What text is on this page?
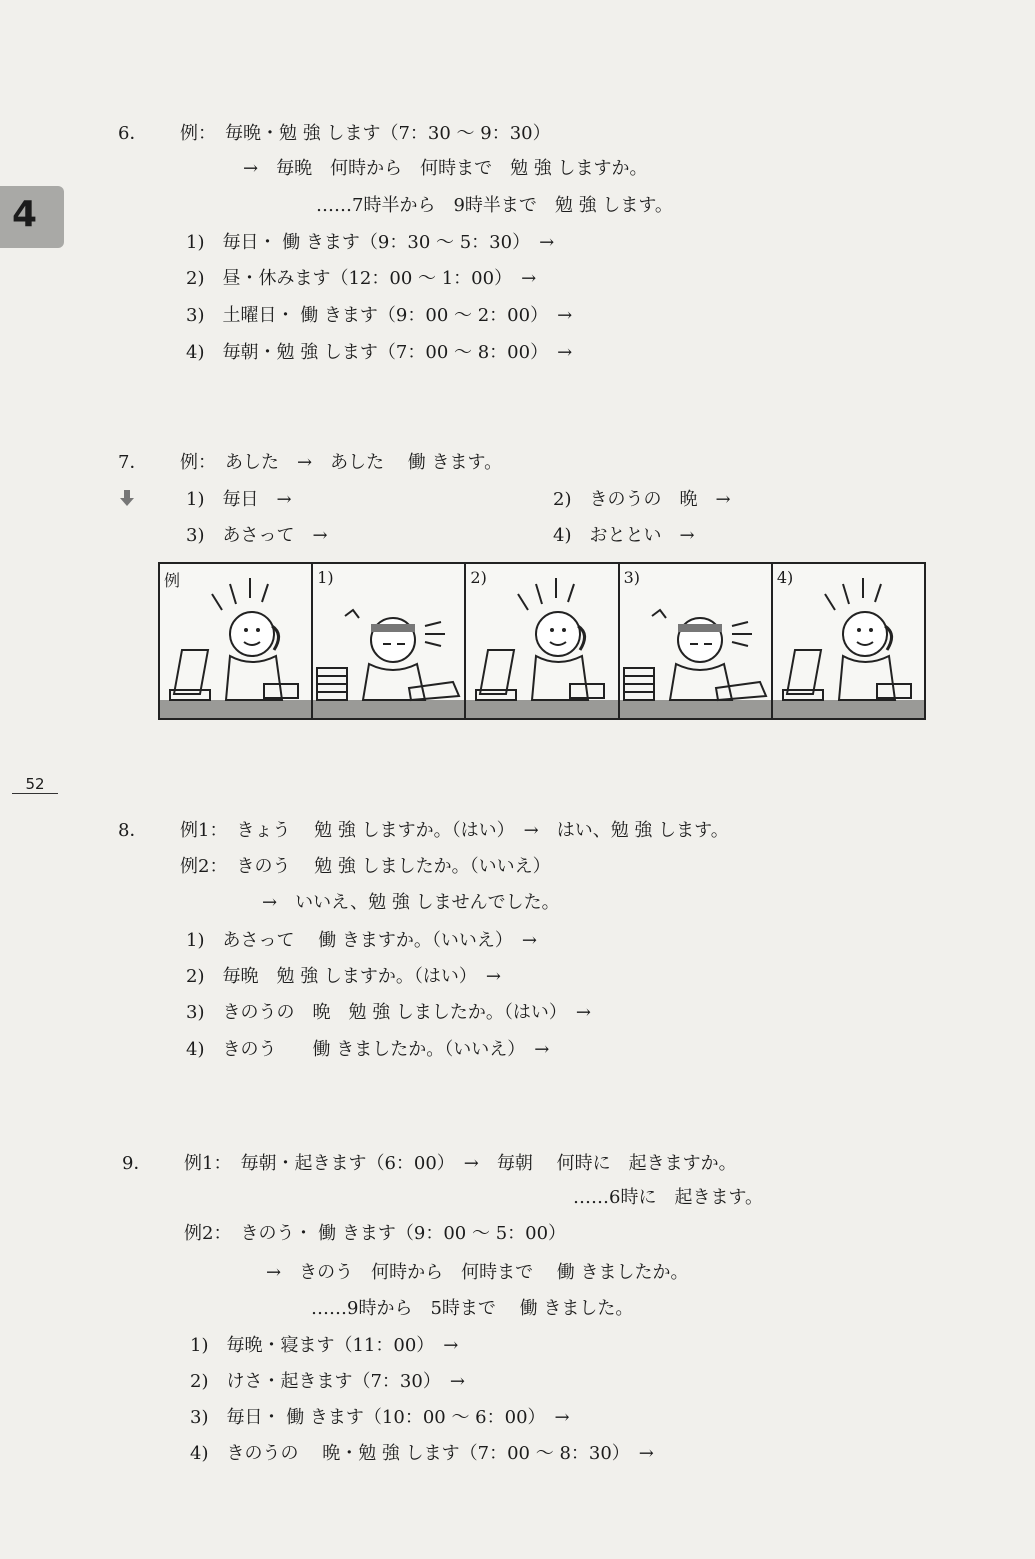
4
52
6． 例：　毎晩・勉 強 します（7：30 〜 9：30）
→　毎晩　何時から　何時まで　勉 強 しますか。
……7時半から　9時半まで　勉 強 します。
1)　毎日・ 働 きます（9：30 〜 5：30）　→
2)　昼・休みます（12：00 〜 1：00）　→
3)　土曜日・ 働 きます（9：00 〜 2：00）　→
4)　毎朝・勉 強 します（7：00 〜 8：00）　→
7． 例：　あした　→　あした　 働 きます。
1)　毎日　→	2)　きのうの　晩　→
3)　あさって　→	4)　おととい　→
例	1)	2)	3)	4)
8． 例1：　きょう　 勉 強 しますか。（はい）　→　はい、勉 強 します。
例2：　きのう　 勉 強 しましたか。（いいえ）
→　いいえ、勉 強 しませんでした。
1)　あさって　 働 きますか。（いいえ）　→
2)　毎晩　勉 強 しますか。（はい）　→
3)　きのうの　晩　勉 強 しましたか。（はい）　→
4)　きのう　　働 きましたか。（いいえ）　→
9． 例1：　毎朝・起きます（6：00）　→　毎朝　 何時に　起きますか。
……6時に　起きます。
例2：　きのう・ 働 きます（9：00 〜 5：00）
→　きのう　何時から　何時まで　 働 きましたか。
……9時から　5時まで　 働 きました。
1)　毎晩・寝ます（11：00）　→
2)　けさ・起きます（7：30）　→
3)　毎日・ 働 きます（10：00 〜 6：00）　→
4)　きのうの　 晩・勉 強 します（7：00 〜 8：30）　→
